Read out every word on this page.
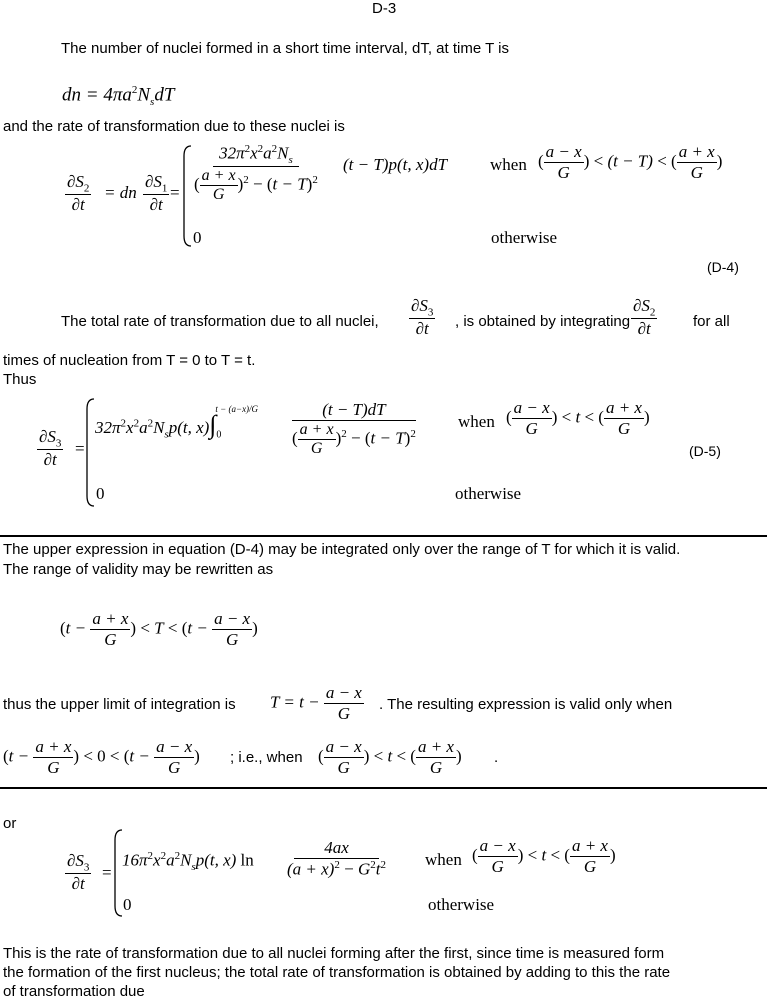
D-3
The number of nuclei formed in a short time interval, dT, at time T is
dn = $4\pi a^2N_sdT$
and the rate of transformation due to these nuclei is
$\frac{\partial S_2}{\partial t}$ = dn $\frac{\partial S_1}{\partial t} = \frac{32\pi^2x^2a^2N_s}{( \frac{a + x}{G} )^2 - (t - T)^2} (t - T)p(t$, x)dT	when ( $\frac{a - x}{G}$ ) < (t − T) < ( $\frac{a + x}{G}$ )
0	otherwise
(D-4)
The total rate of transformation due to all nuclei, $\frac{\partial S_3}{\partial t}$ , is obtained by integrating $\frac{\partial S_2}{\partial t}$ for all
times of nucleation from T = 0 to T = t.
Thus
$\frac{\partial S_3}{\partial t}$ =
$32\pi^2x^2a^2N_sp(t$, $x)\int_0^{t - (a-x)/G}$	$\frac{(t - T)dT}{( \frac{a + x}{G} )^2 - (t - T)^2}$ when ( $\frac{a - x}{G}$ ) < t < ( $\frac{a + x}{G}$ )
0	otherwise
(D-5)
The upper expression in equation (D-4) may be integrated only over the range of T for which it is valid.
The range of validity may be rewritten as
($t - \frac{a + x}{G}$ ) < $T < (t - \frac{a - x}{G}$ )
thus the upper limit of integration is $T = t - \frac{a - x}{G}$ . The resulting expression is valid only when
($t - \frac{a + x}{G}$ ) < $0 < (t - \frac{a - x}{G}$ ) ; i.e., when ( $\frac{a - x}{G}$ ) < t < ( $\frac{a + x}{G}$ ) .
or
$\frac{\partial S_3}{\partial t}$ =
$16\pi^2x^2a^2N_sp(t$, x) $\ln \frac{4ax}{(a + x)^2 - G^2t^2}$ when ( $\frac{a - x}{G}$ ) < t < ( $\frac{a + x}{G}$ )
0	otherwise
This is the rate of transformation due to all nuclei forming after the first, since time is measured form
the formation of the first nucleus; the total rate of transformation is obtained by adding to this the rate
of transformation due
